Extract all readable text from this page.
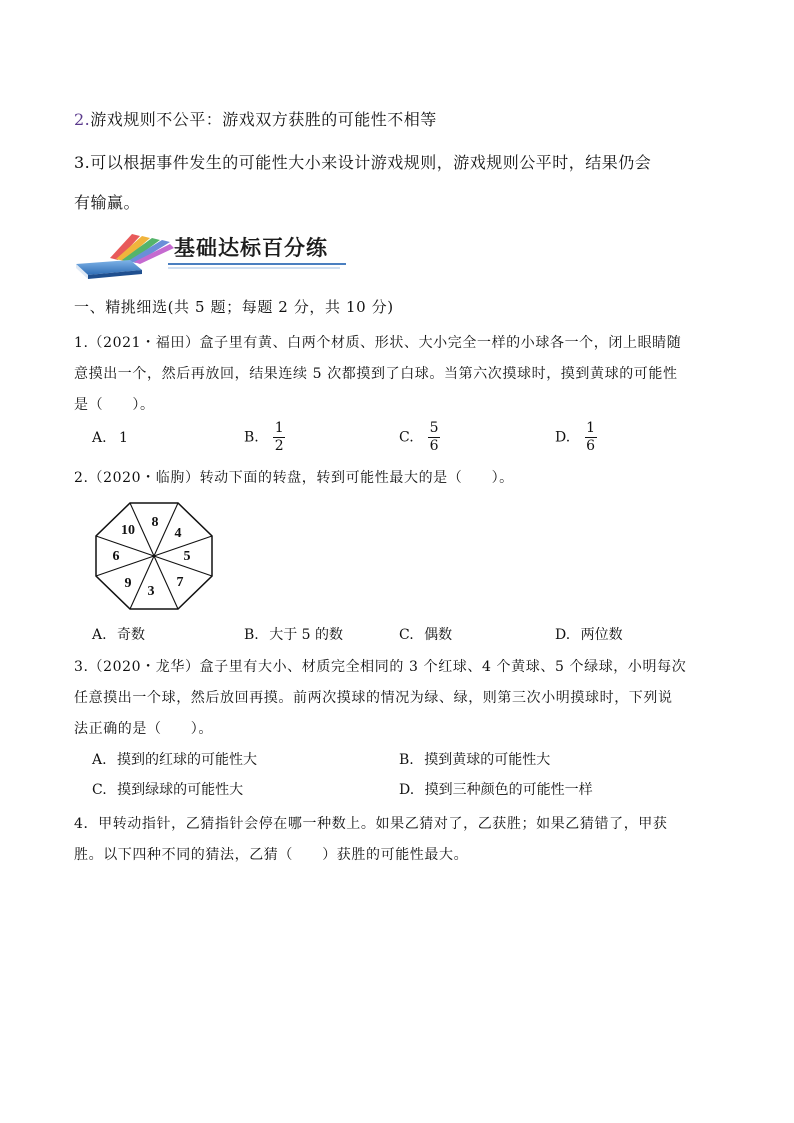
2.游戏规则不公平：游戏双方获胜的可能性不相等
3.可以根据事件发生的可能性大小来设计游戏规则，游戏规则公平时，结果仍会
有输赢。
基础达标百分练
一、精挑细选(共 5 题；每题 2 分，共 10 分)
1.（2021・福田）盒子里有黄、白两个材质、形状、大小完全一样的小球各一个，闭上眼睛随
意摸出一个，然后再放回，结果连续 5 次都摸到了白球。当第六次摸球时，摸到黄球的可能性
是（　　）。
A. 1	B. $\frac{1}{2}$	C. $\frac{5}{6}$	D. $\frac{1}{6}$
2.（2020・临朐）转动下面的转盘，转到可能性最大的是（　　）。
8
4
5
7
3
9
6
10
A. 奇数	B. 大于 5 的数	C. 偶数	D. 两位数
3.（2020・龙华）盒子里有大小、材质完全相同的 3 个红球、4 个黄球、5 个绿球，小明每次
任意摸出一个球，然后放回再摸。前两次摸球的情况为绿、绿，则第三次小明摸球时，下列说
法正确的是（　　）。
A. 摸到的红球的可能性大	B. 摸到黄球的可能性大
C. 摸到绿球的可能性大	D. 摸到三种颜色的可能性一样
4．甲转动指针，乙猜指针会停在哪一种数上。如果乙猜对了，乙获胜；如果乙猜错了，甲获
胜。以下四种不同的猜法，乙猜（　　）获胜的可能性最大。
